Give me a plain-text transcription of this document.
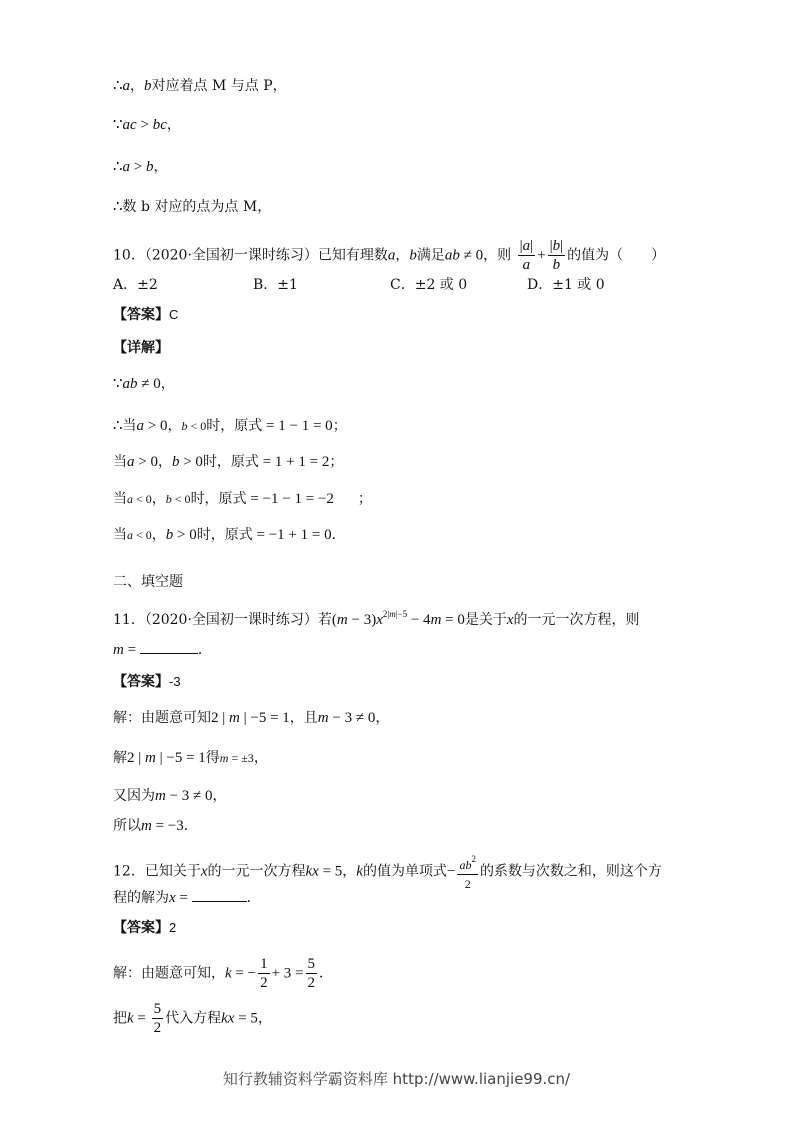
∴a，b对应着点 M 与点 P，
∵ac > bc，
∴a > b，
∴数 b 对应的点为点 M，
10．（2020·全国初一课时练习）已知有理数a，b满足ab ≠ 0，则 $\frac{|a|}{a} + \frac{|b|}{b}$ 的值为（　　）
A．±2	B．±1	C．±2 或 0	D．±1 或 0
【答案】C
【详解】
∵ab ≠ 0，
∴当a > 0，b < 0时，原式 = 1 − 1 = 0；
当a > 0，b > 0时，原式 = 1 + 1 = 2；
当a < 0，b < 0时，原式 = −1 − 1 = −2 ；
当a < 0，b > 0时，原式 = −1 + 1 = 0．
二、填空题
11．（2020·全国初一课时练习）若$(m - 3)x^{2|m|-5} - 4m = 0$是关于x的一元一次方程，则
m =	．
【答案】-3
解：由题意可知2 | m | −5 = 1，且m − 3 ≠ 0，
解2 | m | −5 = 1得m = ±3，
又因为m − 3 ≠ 0，
所以m = −3．
12．已知关于x的一元一次方程kx = 5，k的值为单项式− $\frac{ab^2}{2}$ 的系数与次数之和，则这个方
程的解为x =	．
【答案】2
解：由题意可知，k = − $\frac{1}{2} + 3 = \frac{5}{2}$ ．
把$k = \frac{5}{2}$ 代入方程kx = 5，
知行教辅资料学霸资料库 http://www.lianjie99.cn/
